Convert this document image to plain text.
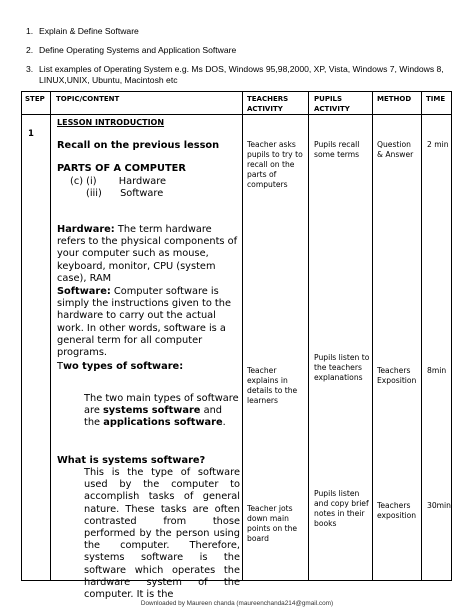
1. Explain & Define Software
2. Define Operating Systems and Application Software
3. List examples of Operating System e.g. Ms DOS, Windows 95,98,2000, XP, Vista, Windows 7, Windows 8, LINUX,UNIX, Ubuntu, Macintosh etc
STEP TOPIC/CONTENT	TEACHERS ACTIVITY
PUPILS ACTIVITY
METHOD TIME
1
Teacher asks pupils to try to recall on the parts of computers
Pupils recall some terms
Question & Answer
2 min
Teacher explains in details to the learners
Pupils listen to the teachers explanations
Teachers Exposition
8min
Teacher jots down main points on the board
Pupils listen and copy brief notes in their books
Teachers exposition
30min
LESSON INTRODUCTION
Recall on the previous lesson
PARTS OF A COMPUTER
(c) (i) Hardware
(iii) Software
Hardware: The term hardware refers to the physical components of your computer such as mouse, keyboard, monitor, CPU (system case), RAM
Software: Computer software is simply the instructions given to the hardware to carry out the actual work. In other words, software is a general term for all computer programs.
Two types of software:
The two main types of software are systems software and the applications software.
What is systems software?
This is the type of software used by the computer to accomplish tasks of general nature. These tasks are often contrasted from those performed by the person using the computer. Therefore, systems software is the software which operates the hardware system of the computer. It is the
Downloaded by Maureen chanda (maureenchanda214@gmail.com)
